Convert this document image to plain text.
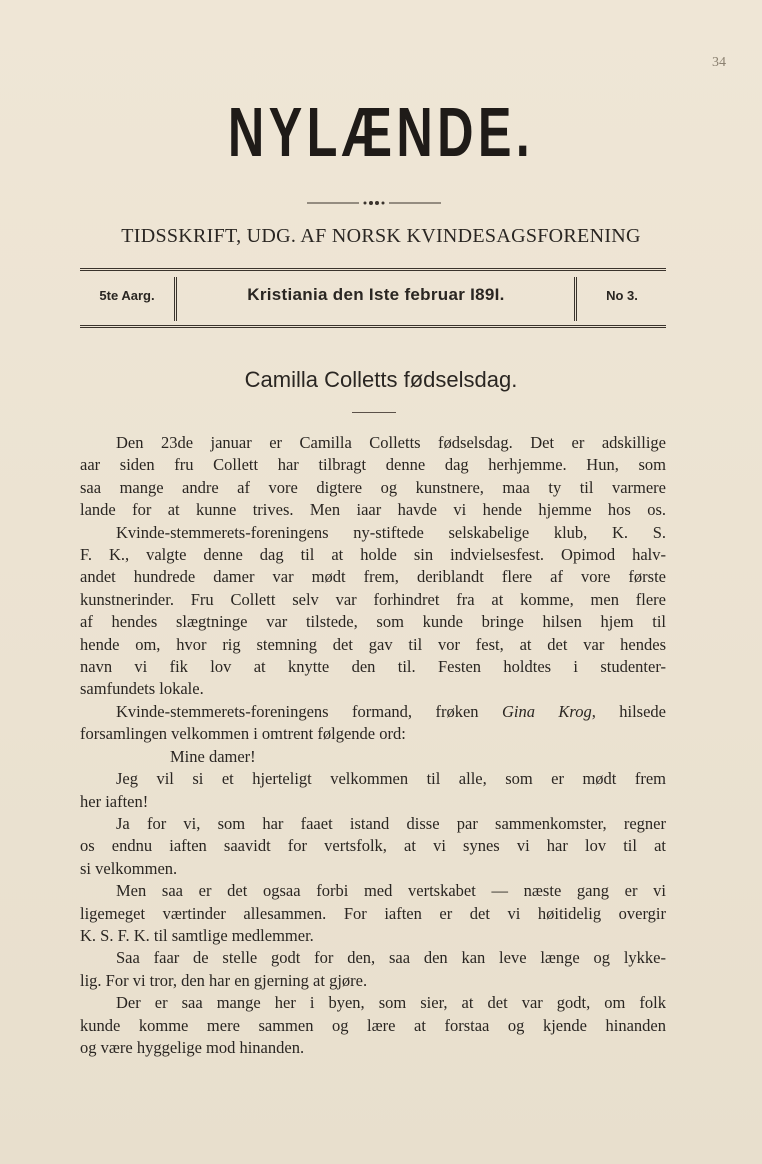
34
NYLÆNDE.
TIDSSKRIFT, UDG. AF NORSK KVINDESAGSFORENING
5te Aarg.	Kristiania den Iste februar I89I.	No 3.
Camilla Colletts fødselsdag.

Den 23de januar er Camilla Colletts fødselsdag. Det er adskillige

aar siden fru Collett har tilbragt denne dag herhjemme. Hun, som

saa mange andre af vore digtere og kunstnere, maa ty til varmere

lande for at kunne trives. Men iaar havde vi hende hjemme hos os.

Kvinde-stemmerets-foreningens ny-stiftede selskabelige klub, K. S.

F. K., valgte denne dag til at holde sin indvielsesfest. Opimod halv-

andet hundrede damer var mødt frem, deriblandt flere af vore første

kunstnerinder. Fru Collett selv var forhindret fra at komme, men flere

af hendes slægtninge var tilstede, som kunde bringe hilsen hjem til

hende om, hvor rig stemning det gav til vor fest, at det var hendes

navn vi fik lov at knytte den til. Festen holdtes i studenter-

samfundets lokale.

Kvinde-stemmerets-foreningens formand, frøken Gina Krog, hilsede

forsamlingen velkommen i omtrent følgende ord:

Mine damer!

Jeg vil si et hjerteligt velkommen til alle, som er mødt frem

her iaften!

Ja for vi, som har faaet istand disse par sammenkomster, regner

os endnu iaften saavidt for vertsfolk, at vi synes vi har lov til at

si velkommen.

Men saa er det ogsaa forbi med vertskabet — næste gang er vi

ligemeget værtinder allesammen. For iaften er det vi høitidelig overgir

K. S. F. K. til samtlige medlemmer.

Saa faar de stelle godt for den, saa den kan leve længe og lykke-

lig. For vi tror, den har en gjerning at gjøre.

Der er saa mange her i byen, som sier, at det var godt, om folk

kunde komme mere sammen og lære at forstaa og kjende hinanden

og være hyggelige mod hinanden.
